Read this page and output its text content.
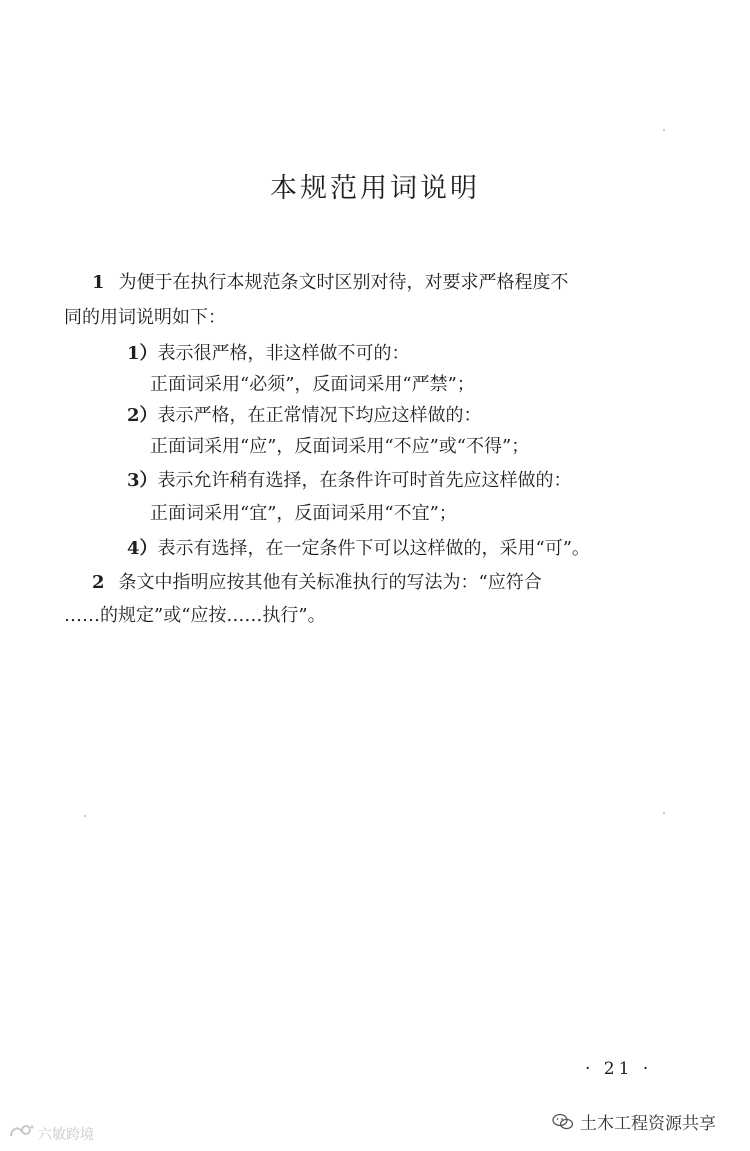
本规范用词说明
1 为便于在执行本规范条文时区别对待，对要求严格程度不
同的用词说明如下：
1）表示很严格，非这样做不可的：
正面词采用“必须”，反面词采用“严禁”；
2）表示严格，在正常情况下均应这样做的：
正面词采用“应”，反面词采用“不应”或“不得”；
3）表示允许稍有选择，在条件许可时首先应这样做的：
正面词采用“宜”，反面词采用“不宜”；
4）表示有选择，在一定条件下可以这样做的，采用“可”。
2 条文中指明应按其他有关标准执行的写法为：“应符合
……的规定”或“应按……执行”。
· 21 ·
土木工程资源共享
六敏跨境
